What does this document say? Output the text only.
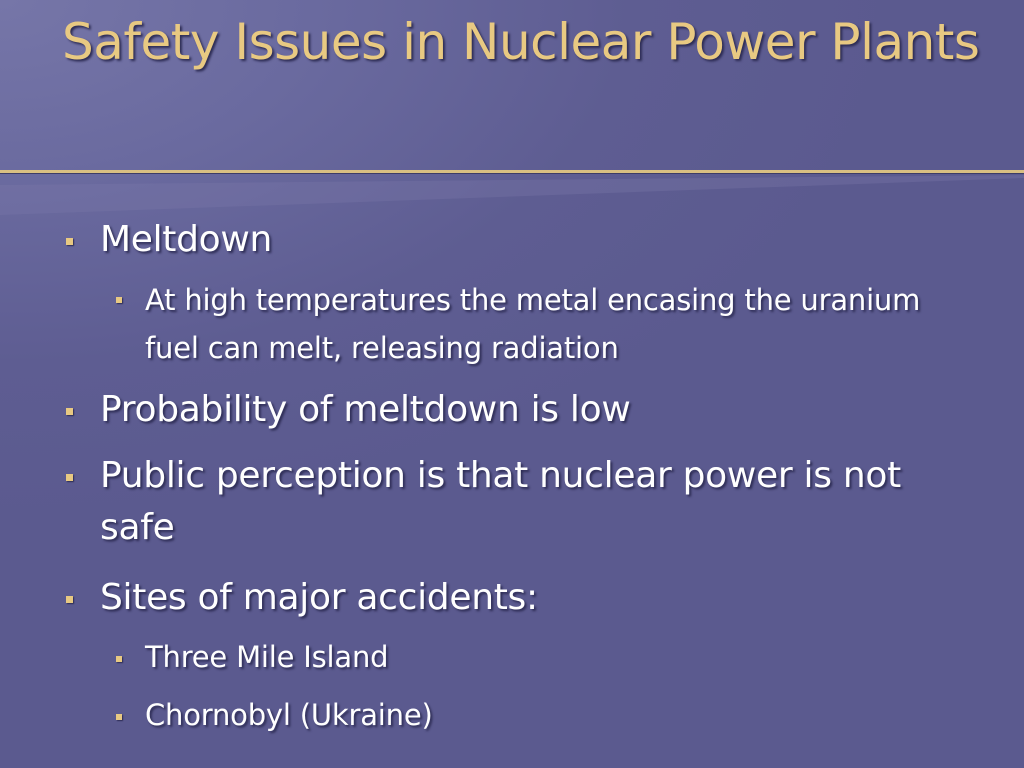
Safety Issues in Nuclear Power Plants
Meltdown
At high temperatures the metal encasing the uranium fuel can melt, releasing radiation
Probability of meltdown is low
Public perception is that nuclear power is not safe
Sites of major accidents:
Three Mile Island
Chornobyl (Ukraine)
